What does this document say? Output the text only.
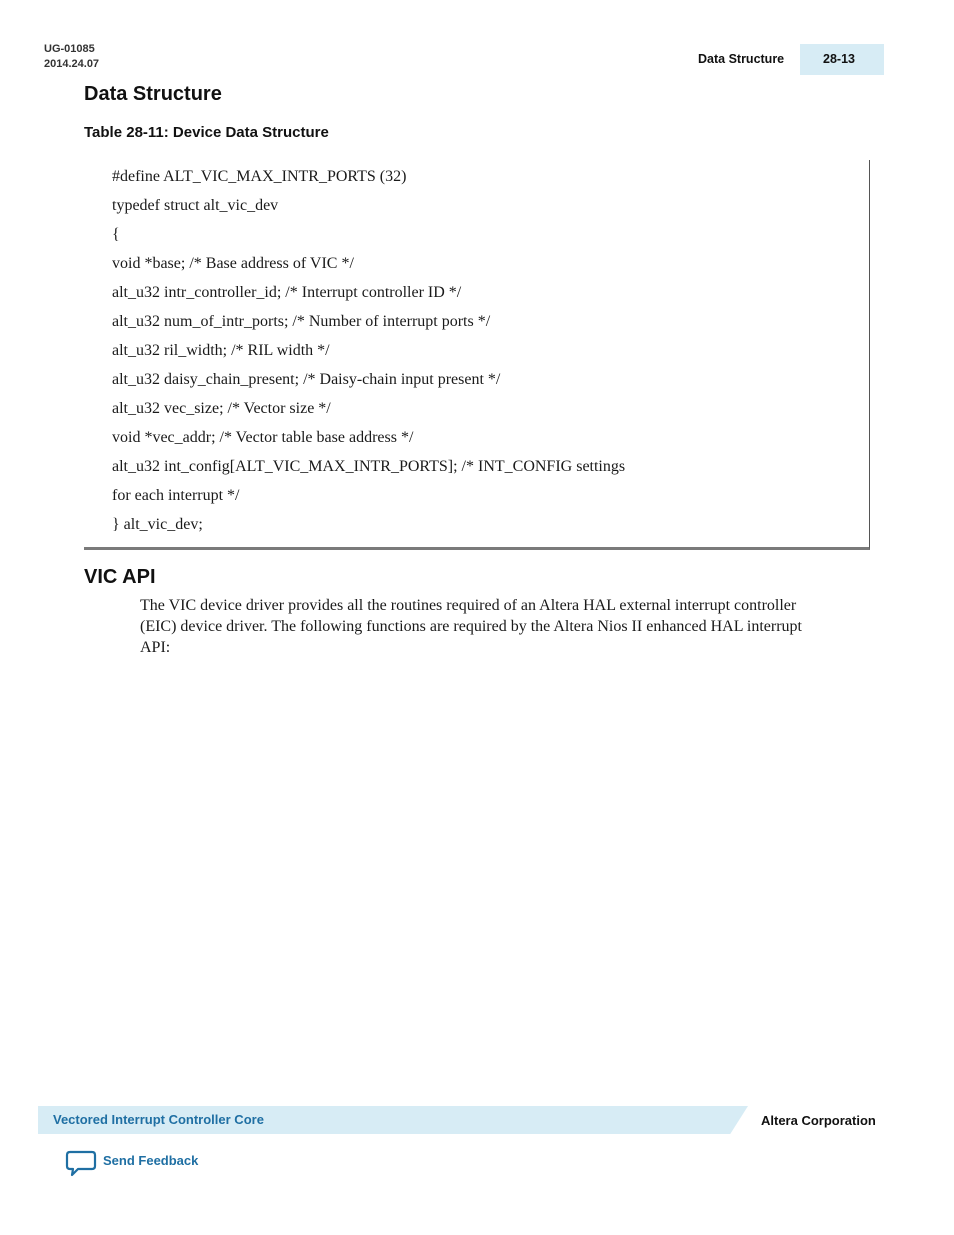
UG-01085
2014.24.07	Data Structure	28-13
Data Structure
Table 28-11: Device Data Structure
#define ALT_VIC_MAX_INTR_PORTS (32)
typedef struct alt_vic_dev
{
void *base; /* Base address of VIC */
alt_u32 intr_controller_id; /* Interrupt controller ID */
alt_u32 num_of_intr_ports; /* Number of interrupt ports */
alt_u32 ril_width; /* RIL width */
alt_u32 daisy_chain_present; /* Daisy-chain input present */
alt_u32 vec_size; /* Vector size */
void *vec_addr; /* Vector table base address */
alt_u32 int_config[ALT_VIC_MAX_INTR_PORTS]; /* INT_CONFIG settings
for each interrupt */
} alt_vic_dev;
VIC API
The VIC device driver provides all the routines required of an Altera HAL external interrupt controller
(EIC) device driver. The following functions are required by the Altera Nios II enhanced HAL interrupt
API:
Vectored Interrupt Controller Core	Altera Corporation
Send Feedback
